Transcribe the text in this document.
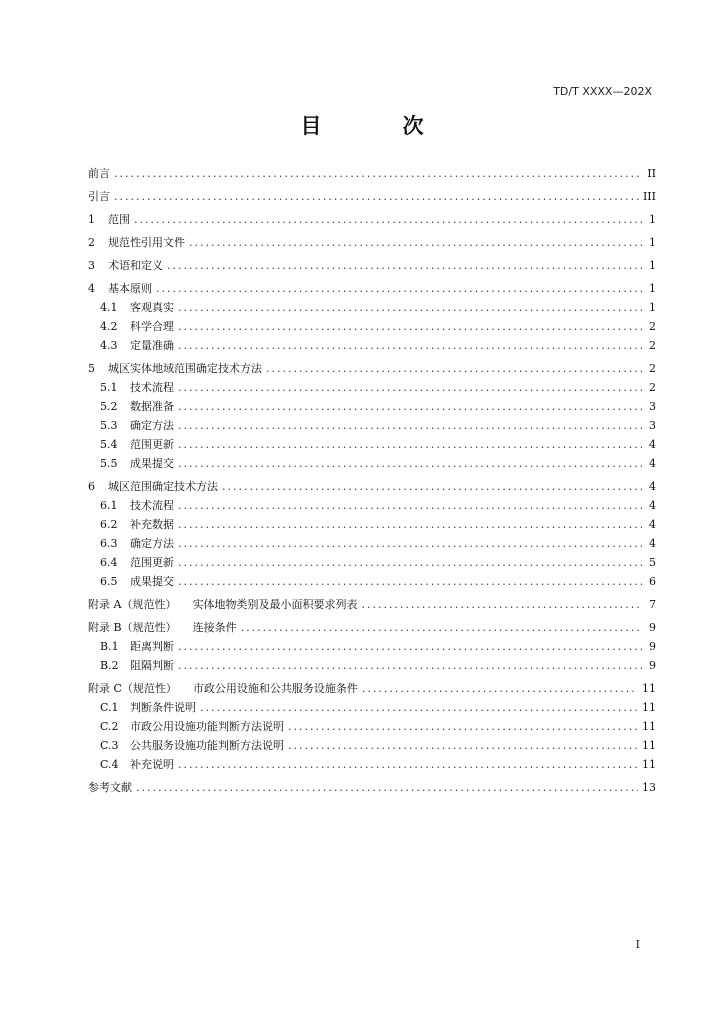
TD/T XXXX—202X
目　次
前言 .....	II
引言 .....	III
1	范围 .....	1
2	规范性引用文件 .....	1
3	术语和定义 .....	1
4	基本原则 .....	1
4.1	客观真实 .....	1
4.2	科学合理 .....	2
4.3	定量准确 .....	2
5	城区实体地域范围确定技术方法 .....	2
5.1	技术流程 .....	2
5.2	数据准备 .....	3
5.3	确定方法 .....	3
5.4	范围更新 .....	4
5.5	成果提交 .....	4
6	城区范围确定技术方法 .....	4
6.1	技术流程 .....	4
6.2	补充数据 .....	4
6.3	确定方法 .....	4
6.4	范围更新 .....	5
6.5	成果提交 .....	6
附录 A（规范性） 实体地物类别及最小面积要求列表 .....	7
附录 B（规范性） 连接条件 .....	9
B.1	距离判断 .....	9
B.2	阻隔判断 .....	9
附录 C（规范性） 市政公用设施和公共服务设施条件 .....	11
C.1	判断条件说明 .....	11
C.2	市政公用设施功能判断方法说明 .....	11
C.3	公共服务设施功能判断方法说明 .....	11
C.4	补充说明 .....	11
参考文献 .....	13
I
